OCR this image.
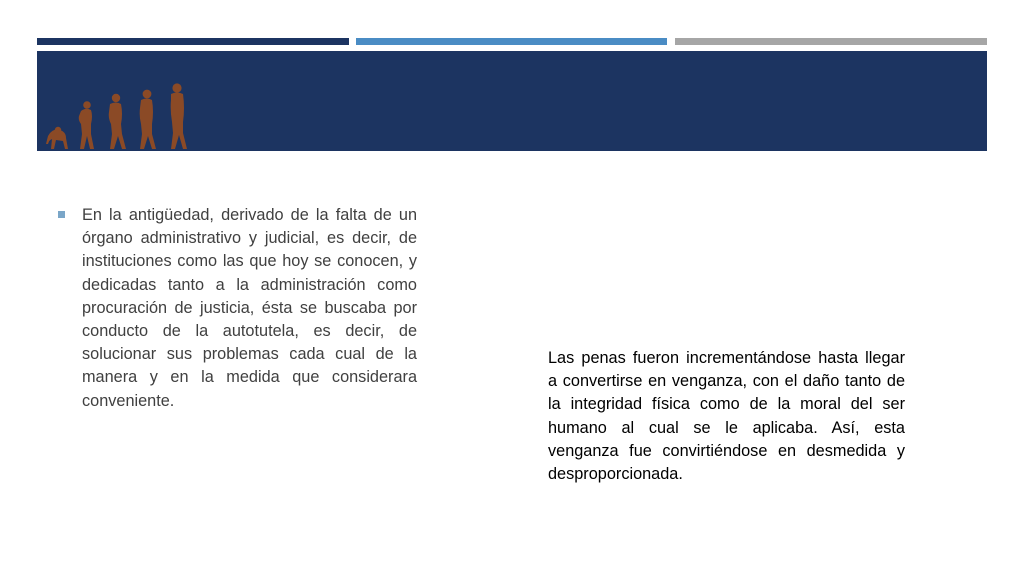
En la antigüedad, derivado de la falta de un órgano administrativo y judicial, es decir, de instituciones como las que hoy se conocen, y dedicadas tanto a la administración como procuración de justicia, ésta se buscaba por conducto de la autotutela, es decir, de solucionar sus problemas cada cual de la manera y en la medida que considerara conveniente.

Las penas fueron incrementándose hasta llegar a convertirse en venganza, con el daño tanto de la integridad física como de la moral del ser humano al cual se le aplicaba. Así, esta venganza fue convirtiéndose en desmedida y desproporcionada.
